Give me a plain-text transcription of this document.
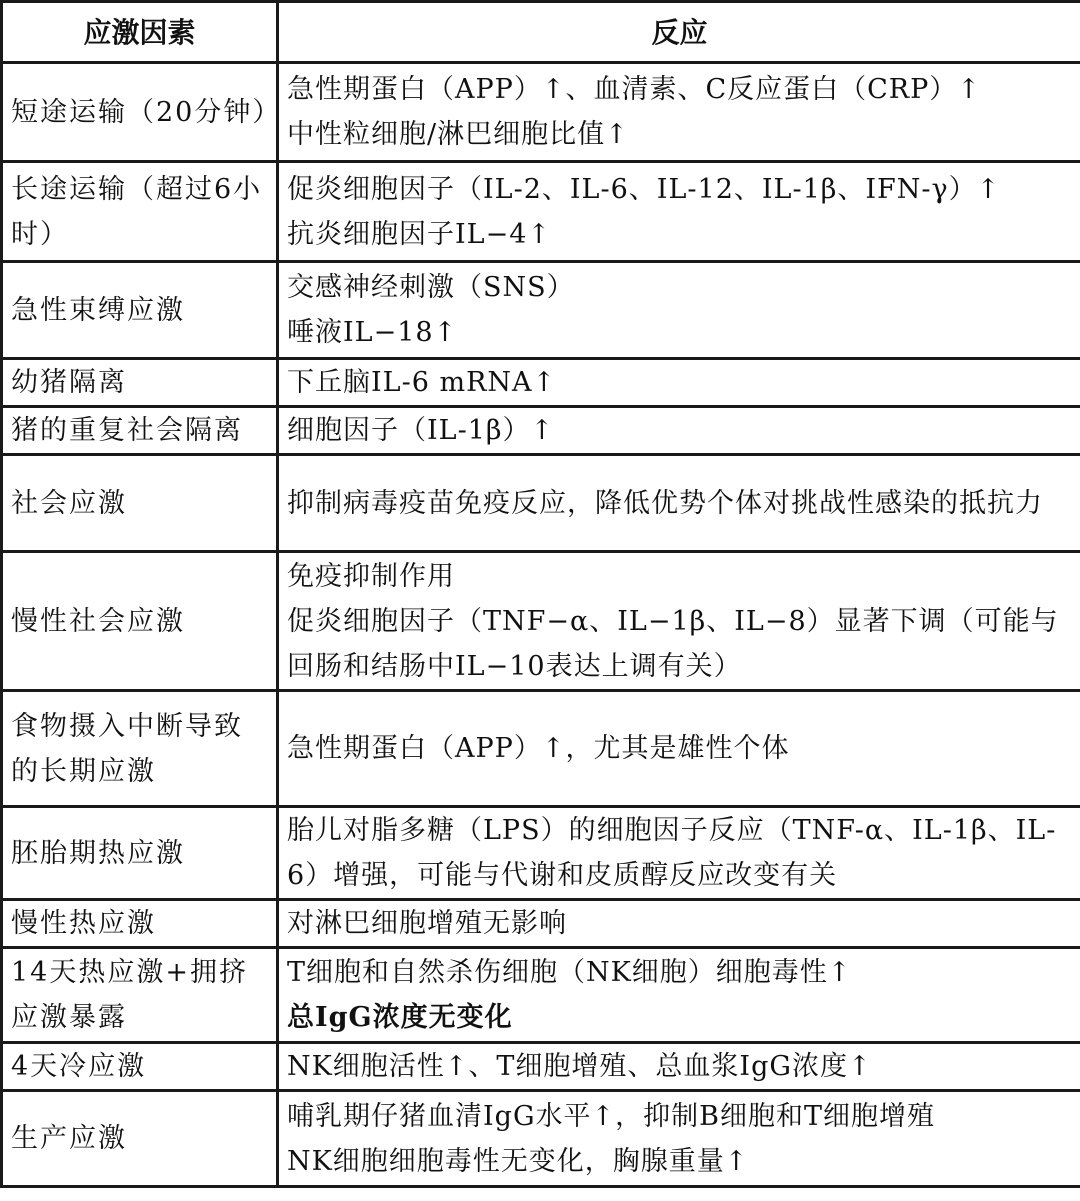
应激因素	反应
短途运输（20分钟）	急性期蛋白（APP）↑、血清素、C反应蛋白（CRP）↑
中性粒细胞/淋巴细胞比值↑

长途运输（超过6小时）	促炎细胞因子（IL-2、IL-6、IL-12、IL-1β、IFN-γ）↑
抗炎细胞因子IL−4↑

急性束缚应激	交感神经刺激（SNS）
唾液IL−18↑

幼猪隔离	下丘脑IL-6 mRNA↑

猪的重复社会隔离	细胞因子（IL-1β）↑

社会应激	抑制病毒疫苗免疫反应，降低优势个体对挑战性感染的抵抗力

慢性社会应激	免疫抑制作用
促炎细胞因子（TNF−α、IL−1β、IL−8）显著下调（可能与回肠和结肠中IL−10表达上调有关）

食物摄入中断导致的长期应激	急性期蛋白（APP）↑，尤其是雄性个体

胚胎期热应激	胎儿对脂多糖（LPS）的细胞因子反应（TNF-α、IL-1β、IL-6）增强，可能与代谢和皮质醇反应改变有关

慢性热应激	对淋巴细胞增殖无影响

14天热应激+拥挤应激暴露	T细胞和自然杀伤细胞（NK细胞）细胞毒性↑
总IgG浓度无变化

4天冷应激	NK细胞活性↑、T细胞增殖、总血浆IgG浓度↑

生产应激	哺乳期仔猪血清IgG水平↑，抑制B细胞和T细胞增殖
NK细胞细胞毒性无变化，胸腺重量↑
